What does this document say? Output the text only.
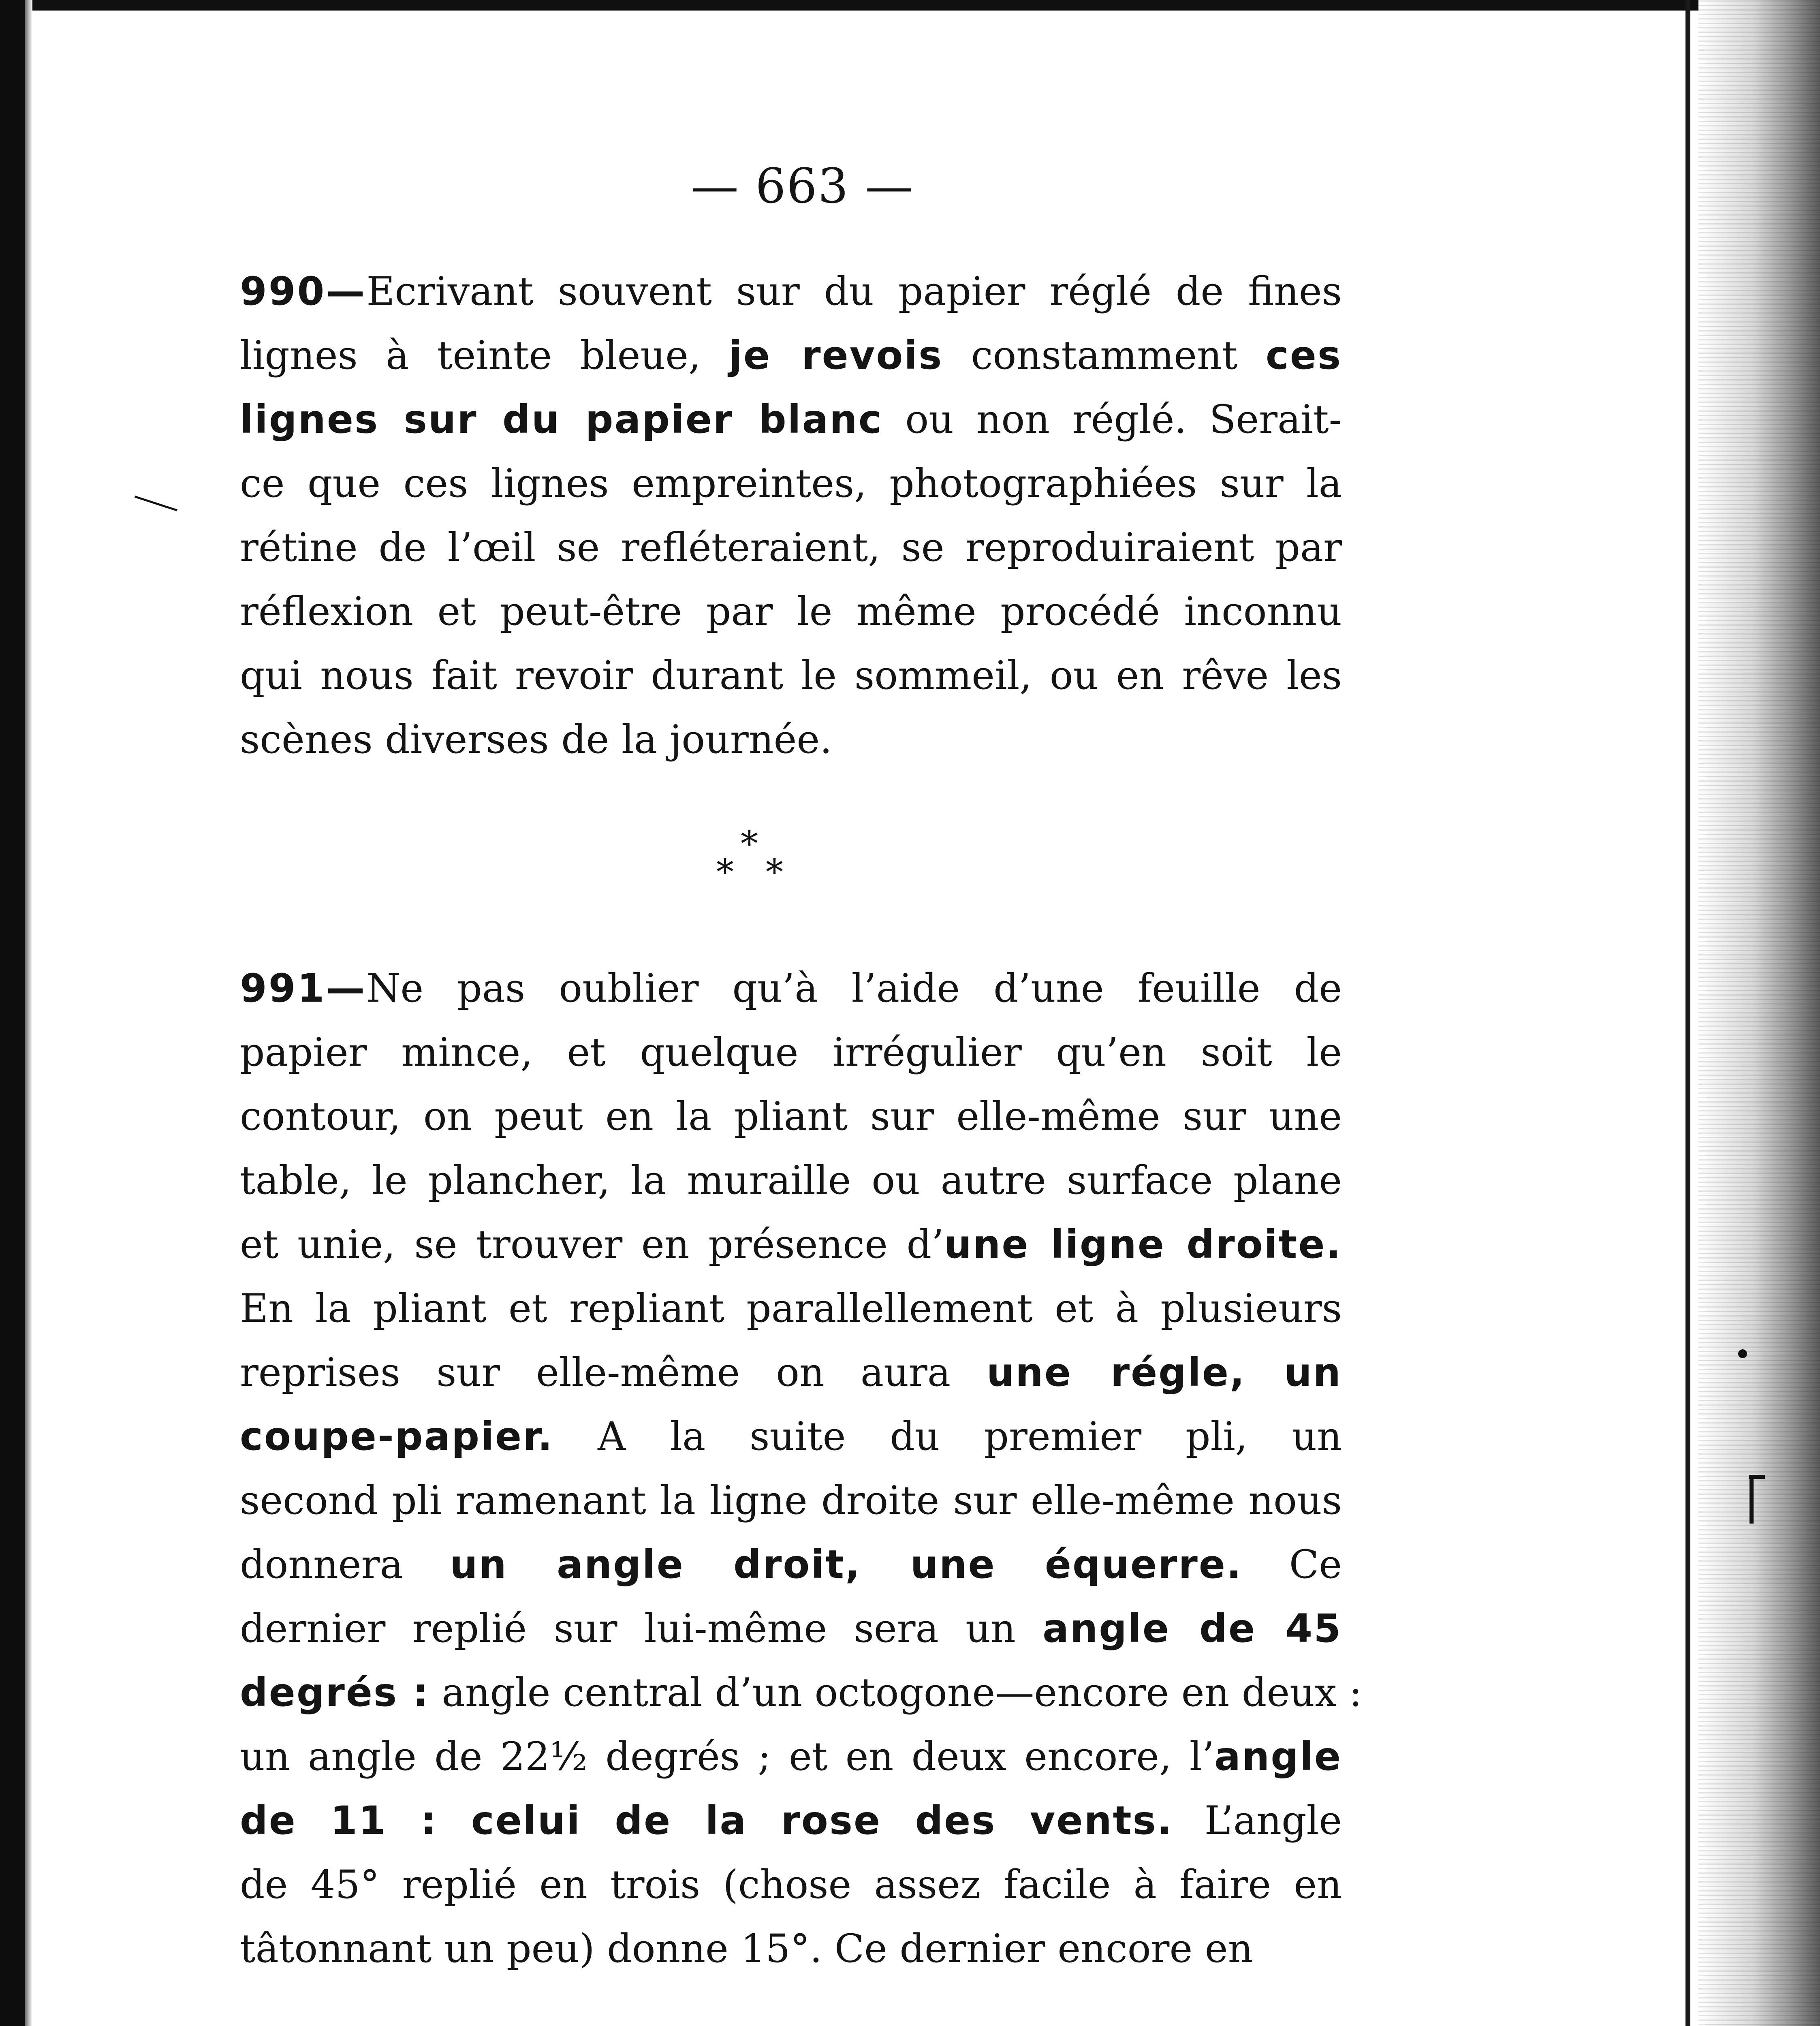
— 663 —
990—Ecrivant souvent sur du papier réglé de fines
lignes à teinte bleue, je revois constamment ces
lignes sur du papier blanc ou non réglé. Serait-
ce que ces lignes empreintes, photographiées sur la
rétine de l’œil se refléteraient, se reproduiraient par
réflexion et peut-être par le même procédé inconnu
qui nous fait revoir durant le sommeil, ou en rêve les
scènes diverses de la journée.
*
* *
991—Ne pas oublier qu’à l’aide d’une feuille de
papier mince, et quelque irrégulier qu’en soit le
contour, on peut en la pliant sur elle-même sur une
table, le plancher, la muraille ou autre surface plane
et unie, se trouver en présence d’une ligne droite.
En la pliant et repliant parallellement et à plusieurs
reprises sur elle-même on aura une régle, un
coupe-papier. A la suite du premier pli, un
second pli ramenant la ligne droite sur elle-même nous
donnera un angle droit, une équerre. Ce
dernier replié sur lui-même sera un angle de 45
degrés : angle central d’un octogone—encore en deux :
un angle de 22½ degrés ; et en deux encore, l’angle
de 11 : celui de la rose des vents. L’angle
de 45° replié en trois (chose assez facile à faire en
tâtonnant un peu) donne 15°. Ce dernier encore en
